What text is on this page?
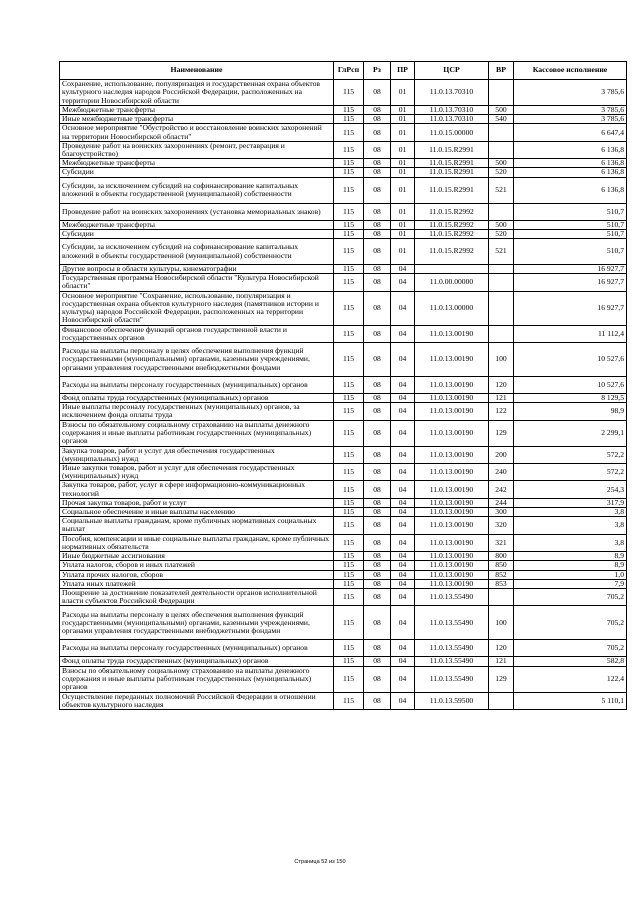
Наименование	ГлРсп	Рз	ПР	ЦСР	ВР	Кассовое исполнение
Сохранение, использование, популяризация и государственная охрана объектов культурного наследия народов Российской Федерации, расположенных на территории Новосибирской области	115	08	01	11.0.13.70310		3 785,6
Межбюджетные трансферты	115	08	01	11.0.13.70310	500	3 785,6
Иные межбюджетные трансферты	115	08	01	11.0.13.70310	540	3 785,6
Основное мероприятие "Обустройство и восстановление воинских захоронений на территории Новосибирской области"	115	08	01	11.0.15.00000		6 647,4
Проведение работ на воинских захоронениях (ремонт, реставрация и благоустройство)	115	08	01	11.0.15.R2991		6 136,8
Межбюджетные трансферты	115	08	01	11.0.15.R2991	500	6 136,8
Субсидии	115	08	01	11.0.15.R2991	520	6 136,8
Субсидии, за исключением субсидий на софинансирование капитальных вложений в объекты государственной (муниципальной) собственности	115	08	01	11.0.15.R2991	521	6 136,8
Проведение работ на воинских захоронениях (установка мемориальных знаков)	115	08	01	11.0.15.R2992		510,7
Межбюджетные трансферты	115	08	01	11.0.15.R2992	500	510,7
Субсидии	115	08	01	11.0.15.R2992	520	510,7
Субсидии, за исключением субсидий на софинансирование капитальных вложений в объекты государственной (муниципальной) собственности	115	08	01	11.0.15.R2992	521	510,7
Другие вопросы в области культуры, кинематографии	115	08	04			16 927,7
Государственная программа Новосибирской области "Культура Новосибирской области"	115	08	04	11.0.00.00000		16 927,7
Основное мероприятие "Сохранение, использование, популяризация и государственная охрана объектов культурного наследия (памятников истории и культуры) народов Российской Федерации, расположенных на территории Новосибирской области"	115	08	04	11.0.13.00000		16 927,7
Финансовое обеспечение функций органов государственной власти и государственных органов	115	08	04	11.0.13.00190		11 112,4
Расходы на выплаты персоналу в целях обеспечения выполнения функций государственными (муниципальными) органами, казенными учреждениями, органами управления государственными внебюджетными фондами	115	08	04	11.0.13.00190	100	10 527,6
Расходы на выплаты персоналу государственных (муниципальных) органов	115	08	04	11.0.13.00190	120	10 527,6
Фонд оплаты труда государственных (муниципальных) органов	115	08	04	11.0.13.00190	121	8 129,5
Иные выплаты персоналу государственных (муниципальных) органов, за исключением фонда оплаты труда	115	08	04	11.0.13.00190	122	98,9
Взносы по обязательному социальному страхованию на выплаты денежного содержания и иные выплаты работникам государственных (муниципальных) органов	115	08	04	11.0.13.00190	129	2 299,1
Закупка товаров, работ и услуг для обеспечения государственных (муниципальных) нужд	115	08	04	11.0.13.00190	200	572,2
Иные закупки товаров, работ и услуг для обеспечения государственных (муниципальных) нужд	115	08	04	11.0.13.00190	240	572,2
Закупка товаров, работ, услуг в сфере информационно-коммуникационных технологий	115	08	04	11.0.13.00190	242	254,3
Прочая закупка товаров, работ и услуг	115	08	04	11.0.13.00190	244	317,9
Социальное обеспечение и иные выплаты населению	115	08	04	11.0.13.00190	300	3,8
Социальные выплаты гражданам, кроме публичных нормативных социальных выплат	115	08	04	11.0.13.00190	320	3,8
Пособия, компенсации и иные социальные выплаты гражданам, кроме публичных нормативных обязательств	115	08	04	11.0.13.00190	321	3,8
Иные бюджетные ассигнования	115	08	04	11.0.13.00190	800	8,9
Уплата налогов, сборов и иных платежей	115	08	04	11.0.13.00190	850	8,9
Уплата прочих налогов, сборов	115	08	04	11.0.13.00190	852	1,0
Уплата иных платежей	115	08	04	11.0.13.00190	853	7,9
Поощрение за достижение показателей деятельности органов исполнительной власти субъектов Российской Федерации	115	08	04	11.0.13.55490		705,2
Расходы на выплаты персоналу в целях обеспечения выполнения функций государственными (муниципальными) органами, казенными учреждениями, органами управления государственными внебюджетными фондами	115	08	04	11.0.13.55490	100	705,2
Расходы на выплаты персоналу государственных (муниципальных) органов	115	08	04	11.0.13.55490	120	705,2
Фонд оплаты труда государственных (муниципальных) органов	115	08	04	11.0.13.55490	121	582,8
Взносы по обязательному социальному страхованию на выплаты денежного содержания и иные выплаты работникам государственных (муниципальных) органов	115	08	04	11.0.13.55490	129	122,4
Осуществление переданных полномочий Российской Федерации в отношении объектов культурного наследия	115	08	04	11.0.13.59500		5 110,1
Страница 52 из 150
